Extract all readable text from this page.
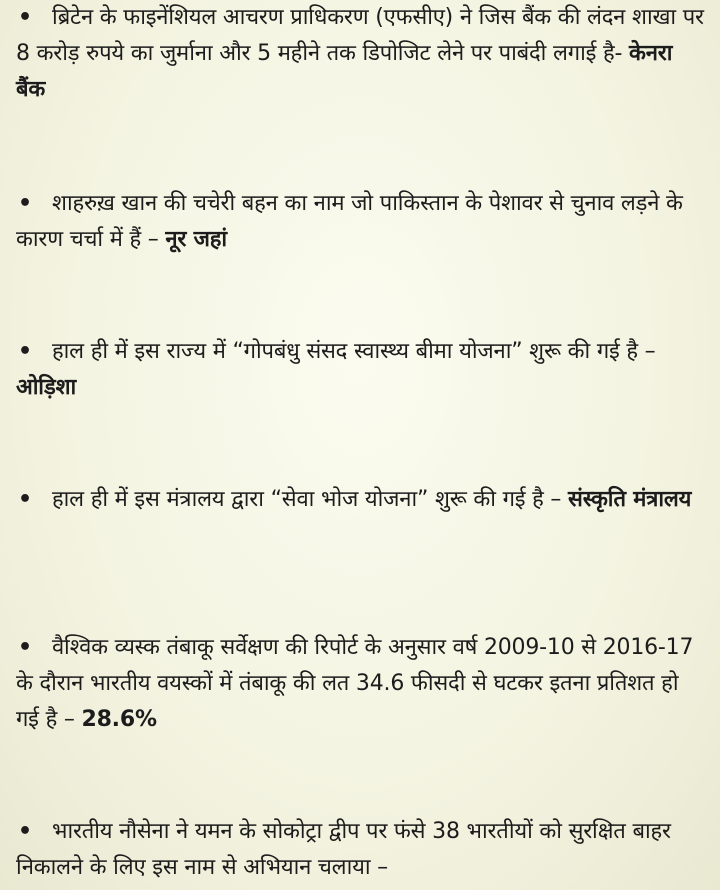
• ब्रिटेन के फाइनेंशियल आचरण प्राधिकरण (एफसीए) ने जिस बैंक की लंदन शाखा पर 8 करोड़ रुपये का जुर्माना और 5 महीने तक डिपोजिट लेने पर पाबंदी लगाई है- केनरा बैंक
• शाहरुख़ खान की चचेरी बहन का नाम जो पाकिस्तान के पेशावर से चुनाव लड़ने के कारण चर्चा में हैं – नूर जहां
• हाल ही में इस राज्य में “गोपबंधु संसद स्वास्थ्य बीमा योजना” शुरू की गई है – ओड़िशा
• हाल ही में इस मंत्रालय द्वारा “सेवा भोज योजना” शुरू की गई है – संस्कृति मंत्रालय
• वैश्विक व्यस्क तंबाकू सर्वेक्षण की रिपोर्ट के अनुसार वर्ष 2009-10 से 2016-17 के दौरान भारतीय वयस्कों में तंबाकू की लत 34.6 फीसदी से घटकर इतना प्रतिशत हो गई है – 28.6%
• भारतीय नौसेना ने यमन के सोकोट्रा द्वीप पर फंसे 38 भारतीयों को सुरक्षित बाहर निकालने के लिए इस नाम से अभियान चलाया –
